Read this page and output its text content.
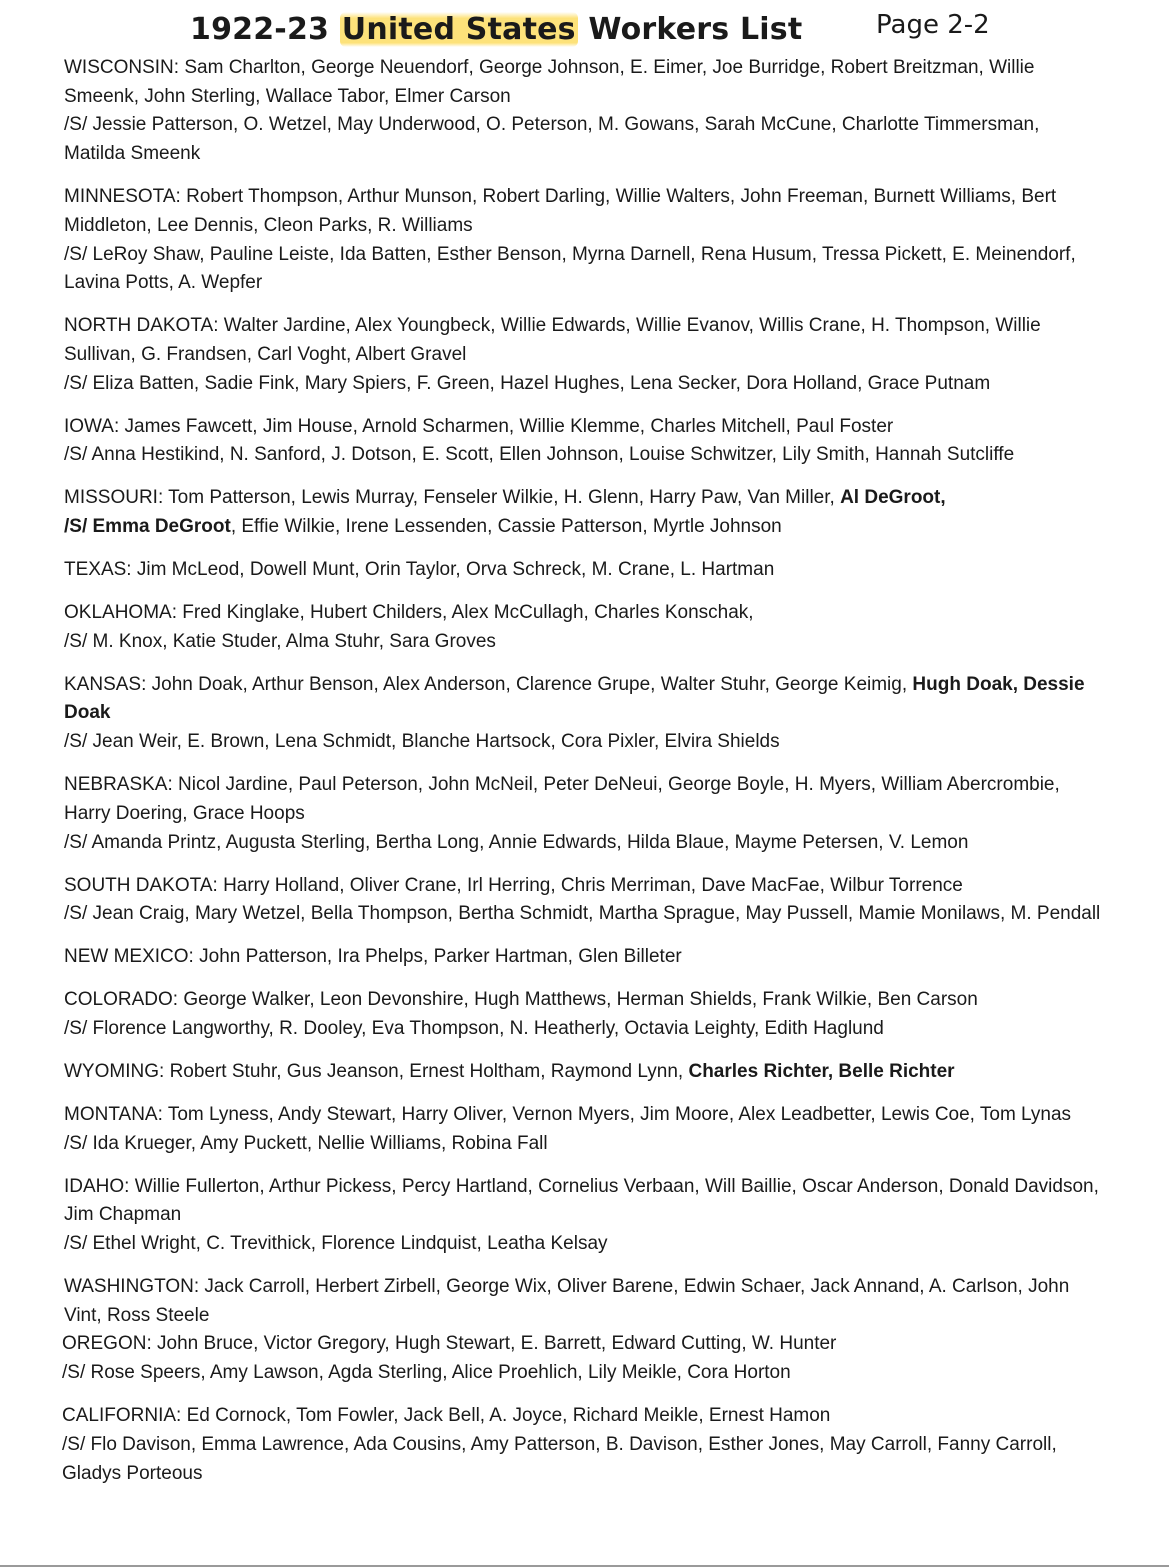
1922-23 United States Workers List	Page 2-2
WISCONSIN: Sam Charlton, George Neuendorf, George Johnson, E. Eimer, Joe Burridge, Robert Breitzman, Willie Smeenk, John Sterling, Wallace Tabor, Elmer Carson
/S/ Jessie Patterson, O. Wetzel, May Underwood, O. Peterson, M. Gowans, Sarah McCune, Charlotte Timmersman, Matilda Smeenk
MINNESOTA: Robert Thompson, Arthur Munson, Robert Darling, Willie Walters, John Freeman, Burnett Williams, Bert Middleton, Lee Dennis, Cleon Parks, R. Williams
/S/ LeRoy Shaw, Pauline Leiste, Ida Batten, Esther Benson, Myrna Darnell, Rena Husum, Tressa Pickett, E. Meinendorf, Lavina Potts, A. Wepfer
NORTH DAKOTA: Walter Jardine, Alex Youngbeck, Willie Edwards, Willie Evanov, Willis Crane, H. Thompson, Willie Sullivan, G. Frandsen, Carl Voght, Albert Gravel
/S/ Eliza Batten, Sadie Fink, Mary Spiers, F. Green, Hazel Hughes, Lena Secker, Dora Holland, Grace Putnam
IOWA: James Fawcett, Jim House, Arnold Scharmen, Willie Klemme, Charles Mitchell, Paul Foster
/S/ Anna Hestikind, N. Sanford, J. Dotson, E. Scott, Ellen Johnson, Louise Schwitzer, Lily Smith, Hannah Sutcliffe
MISSOURI: Tom Patterson, Lewis Murray, Fenseler Wilkie, H. Glenn, Harry Paw, Van Miller, Al DeGroot,
/S/ Emma DeGroot, Effie Wilkie, Irene Lessenden, Cassie Patterson, Myrtle Johnson
TEXAS: Jim McLeod, Dowell Munt, Orin Taylor, Orva Schreck, M. Crane, L. Hartman
OKLAHOMA: Fred Kinglake, Hubert Childers, Alex McCullagh, Charles Konschak,
/S/ M. Knox, Katie Studer, Alma Stuhr, Sara Groves
KANSAS: John Doak, Arthur Benson, Alex Anderson, Clarence Grupe, Walter Stuhr, George Keimig, Hugh Doak, Dessie Doak
/S/ Jean Weir, E. Brown, Lena Schmidt, Blanche Hartsock, Cora Pixler, Elvira Shields
NEBRASKA: Nicol Jardine, Paul Peterson, John McNeil, Peter DeNeui, George Boyle, H. Myers, William Abercrombie, Harry Doering, Grace Hoops
/S/ Amanda Printz, Augusta Sterling, Bertha Long, Annie Edwards, Hilda Blaue, Mayme Petersen, V. Lemon
SOUTH DAKOTA: Harry Holland, Oliver Crane, Irl Herring, Chris Merriman, Dave MacFae, Wilbur Torrence
/S/ Jean Craig, Mary Wetzel, Bella Thompson, Bertha Schmidt, Martha Sprague, May Pussell, Mamie Monilaws, M. Pendall
NEW MEXICO: John Patterson, Ira Phelps, Parker Hartman, Glen Billeter
COLORADO: George Walker, Leon Devonshire, Hugh Matthews, Herman Shields, Frank Wilkie, Ben Carson
/S/ Florence Langworthy, R. Dooley, Eva Thompson, N. Heatherly, Octavia Leighty, Edith Haglund
WYOMING: Robert Stuhr, Gus Jeanson, Ernest Holtham, Raymond Lynn, Charles Richter, Belle Richter
MONTANA: Tom Lyness, Andy Stewart, Harry Oliver, Vernon Myers, Jim Moore, Alex Leadbetter, Lewis Coe, Tom Lynas
/S/ Ida Krueger, Amy Puckett, Nellie Williams, Robina Fall
IDAHO: Willie Fullerton, Arthur Pickess, Percy Hartland, Cornelius Verbaan, Will Baillie, Oscar Anderson, Donald Davidson, Jim Chapman
/S/ Ethel Wright, C. Trevithick, Florence Lindquist, Leatha Kelsay
WASHINGTON: Jack Carroll, Herbert Zirbell, George Wix, Oliver Barene, Edwin Schaer, Jack Annand, A. Carlson, John Vint, Ross Steele
OREGON: John Bruce, Victor Gregory, Hugh Stewart, E. Barrett, Edward Cutting, W. Hunter
/S/ Rose Speers, Amy Lawson, Agda Sterling, Alice Proehlich, Lily Meikle, Cora Horton
CALIFORNIA: Ed Cornock, Tom Fowler, Jack Bell, A. Joyce, Richard Meikle, Ernest Hamon
/S/ Flo Davison, Emma Lawrence, Ada Cousins, Amy Patterson, B. Davison, Esther Jones, May Carroll, Fanny Carroll, Gladys Porteous
